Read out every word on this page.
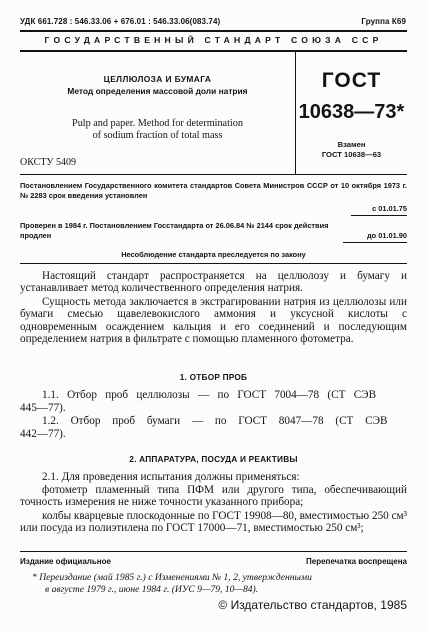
УДК 661.728 : 546.33.06 + 676.01 : 546.33.06(083.74)	Группа К69
ГОСУДАРСТВЕННЫЙ СТАНДАРТ СОЮЗА ССР
ЦЕЛЛЮЛОЗА И БУМАГА
Метод определения массовой доли натрия
Pulp and paper. Method for determination
of sodium fraction of total mass
ОКСТУ 5409
ГОСТ
10638—73*
Взамен
ГОСТ 10638—63
Постановлением Государственного комитета стандартов Совета Министров СССР от 10 октября 1973 г. № 2283 срок введения установлен
с 01.01.75
Проверен в 1984 г. Постановлением Госстандарта от 26.06.84 № 2144 срок действия продлен	до 01.01.90
Несоблюдение стандарта преследуется по закону
Настоящий стандарт распространяется на целлюлозу и бумагу и устанавливает метод количественного определения натрия.
Сущность метода заключается в экстрагировании натрия из целлюлозы или бумаги смесью щавелевокислого аммония и уксусной кислоты с одновременным осаждением кальция и его соединений и последующим определением натрия в фильтрате с помощью пламенного фотометра.
1. ОТБОР ПРОБ
1.1. Отбор проб целлюлозы — по ГОСТ 7004—78 (СТ СЭВ
445—77).
1.2. Отбор проб бумаги — по ГОСТ 8047—78 (СТ СЭВ
442—77).
2. АППАРАТУРА, ПОСУДА И РЕАКТИВЫ
2.1. Для проведения испытания должны применяться:
фотометр пламенный типа ПФМ или другого типа, обеспечивающий точность измерения не ниже точности указанного прибора;
колбы кварцевые плоскодонные по ГОСТ 19908—80, вместимостью 250 см³ или посуда из полиэтилена по ГОСТ 17000—71, вместимостью 250 см³;
Издание официальное	Перепечатка воспрещена
* Переиздание (май 1985 г.) с Изменениями № 1, 2, утвержденными
в августе 1979 г., июне 1984 г. (ИУС 9—79, 10—84).
© Издательство стандартов, 1985
